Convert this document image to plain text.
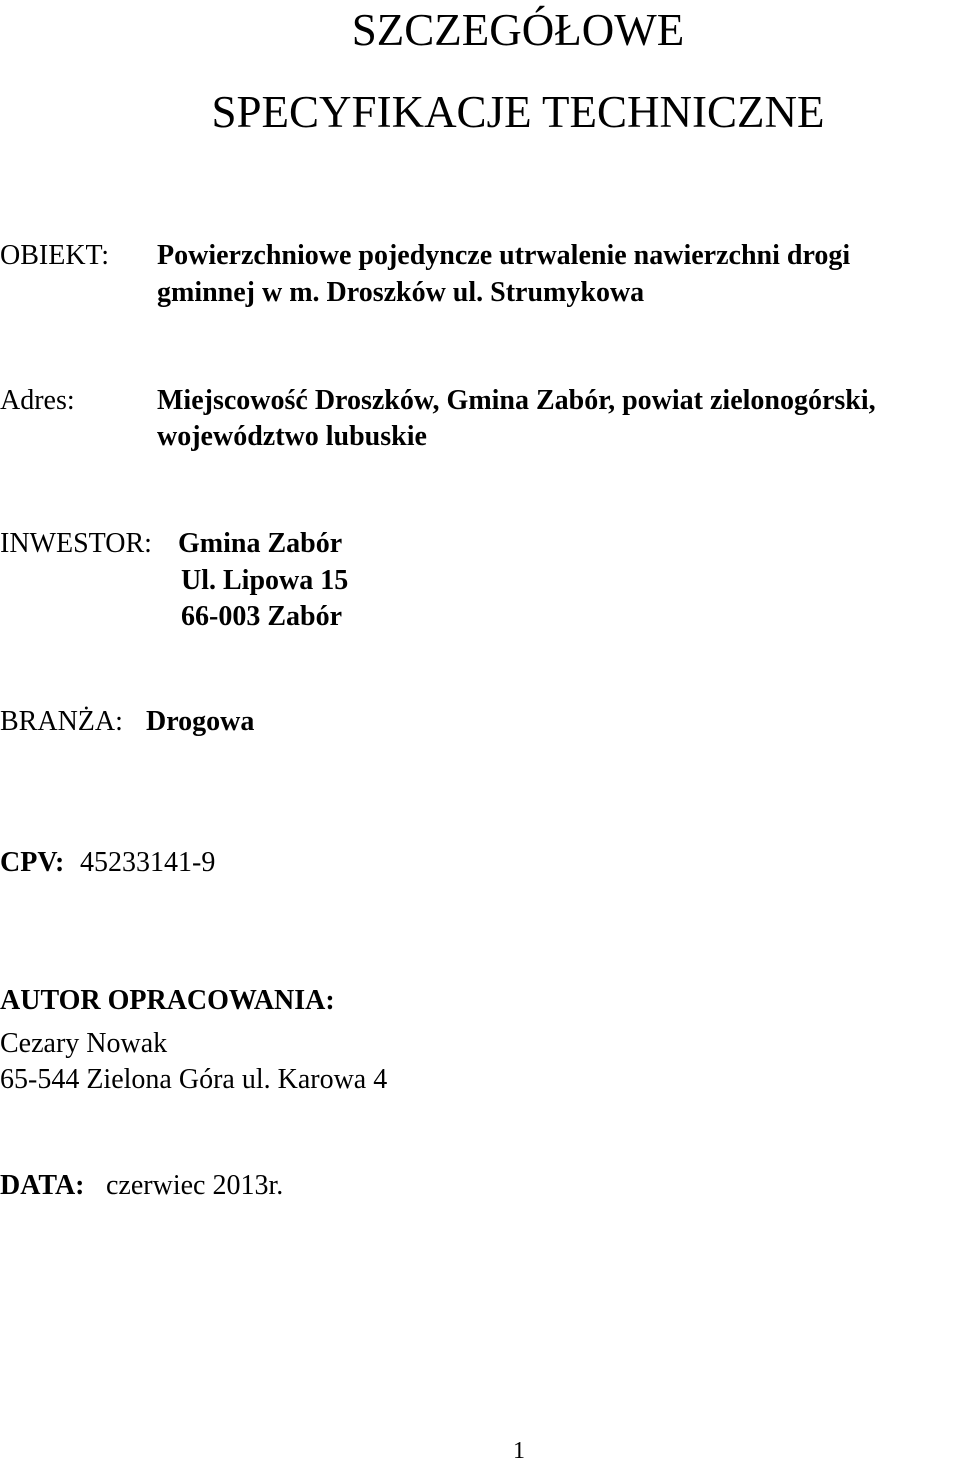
SZCZEGÓŁOWE
SPECYFIKACJE TECHNICZNE
OBIEKT: Powierzchniowe pojedyncze utrwalenie nawierzchni drogi
gminnej w m. Droszków ul. Strumykowa
Adres:	Miejscowość Droszków, Gmina Zabór, powiat zielonogórski,
województwo lubuskie
INWESTOR: Gmina Zabór
Ul. Lipowa 15
66-003 Zabór
BRANŻA: Drogowa
CPV: 45233141-9
AUTOR OPRACOWANIA:
Cezary Nowak
65-544 Zielona Góra ul. Karowa 4
DATA: czerwiec 2013r.
1
